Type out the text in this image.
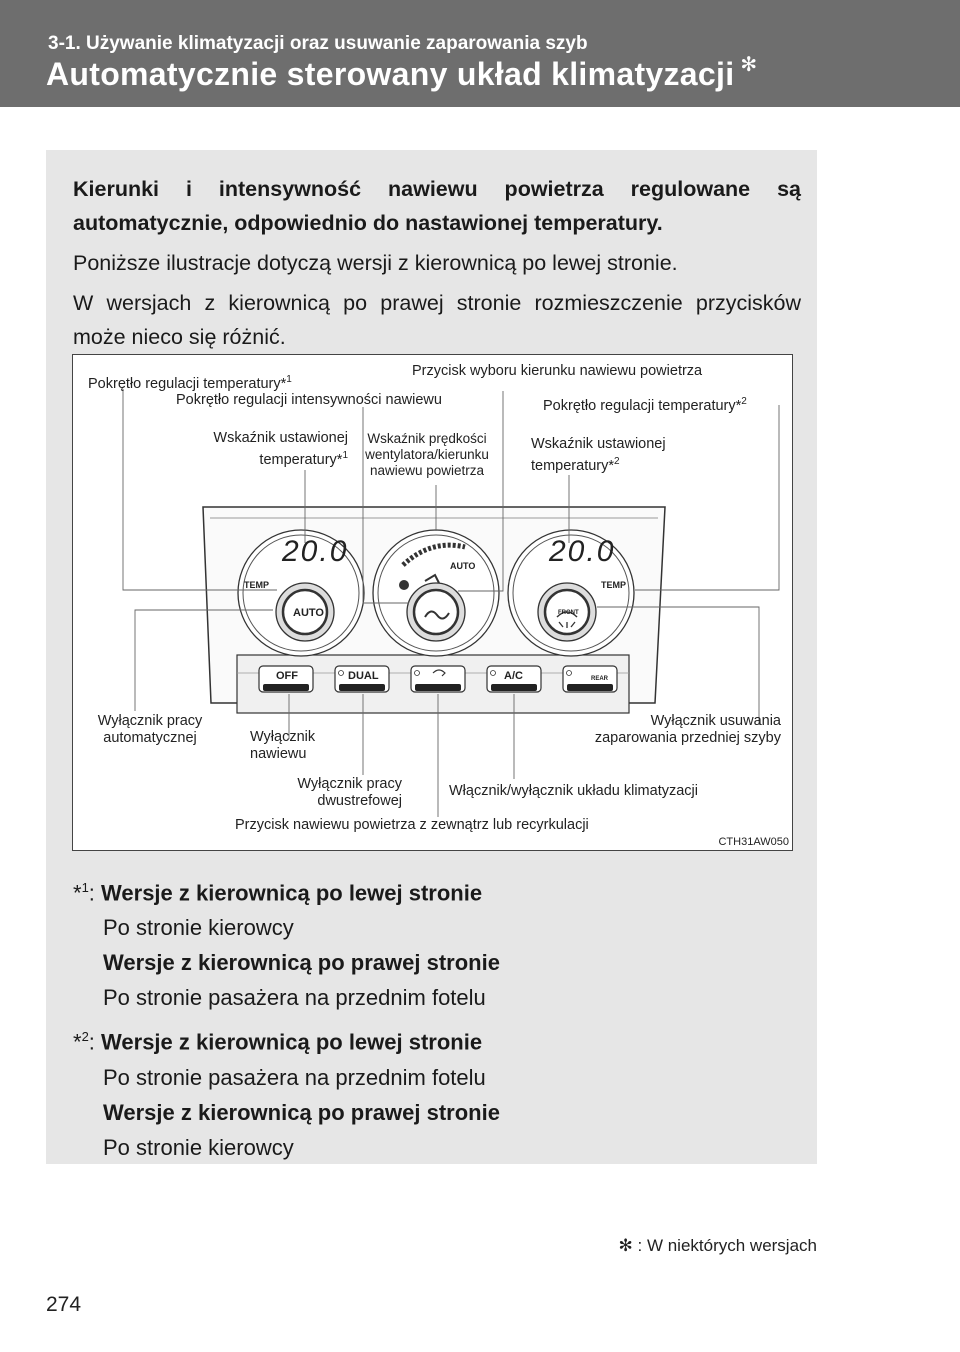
3-1. Używanie klimatyzacji oraz usuwanie zaparowania szyb
Automatycznie sterowany układ klimatyzacji ✻

Kierunki i intensywność nawiewu powietrza regulowane są automatycznie, odpowiednio do nastawionej temperatury.

Poniższe ilustracje dotyczą wersji z kierownicą po lewej stronie.

W wersjach z kierownicą po prawej stronie rozmieszczenie przycisków może nieco się różnić.

20.0	20.0
AUTO
TEMP	TEMP
AUTO	FRONT
OFF	DUAL	A/C	REAR
Pokrętło regulacji temperatury*$^1$
Przycisk wyboru kierunku nawiewu powietrza
Pokrętło regulacji intensywności nawiewu	Pokrętło regulacji temperatury*$^2$
Wskaźnik ustawionej
temperatury*$^1$
Wskaźnik prędkości
wentylatora/kierunku
nawiewu powietrza
Wskaźnik ustawionej
temperatury*$^2$
Wyłącznik pracy
automatycznej	Wyłącznik
nawiewu
Wyłącznik usuwania
zaparowania przedniej szyby
Wyłącznik pracy
dwustrefowej
Włącznik/wyłącznik układu klimatyzacji
Przycisk nawiewu powietrza z zewnątrz lub recyrkulacji
CTH31AW050

*$^1$: Wersje z kierownicą po lewej stronie

Po stronie kierowcy

Wersje z kierownicą po prawej stronie

Po stronie pasażera na przednim fotelu

*$^2$: Wersje z kierownicą po lewej stronie

Po stronie pasażera na przednim fotelu

Wersje z kierownicą po prawej stronie

Po stronie kierowcy

✻ : W niektórych wersjach
274
